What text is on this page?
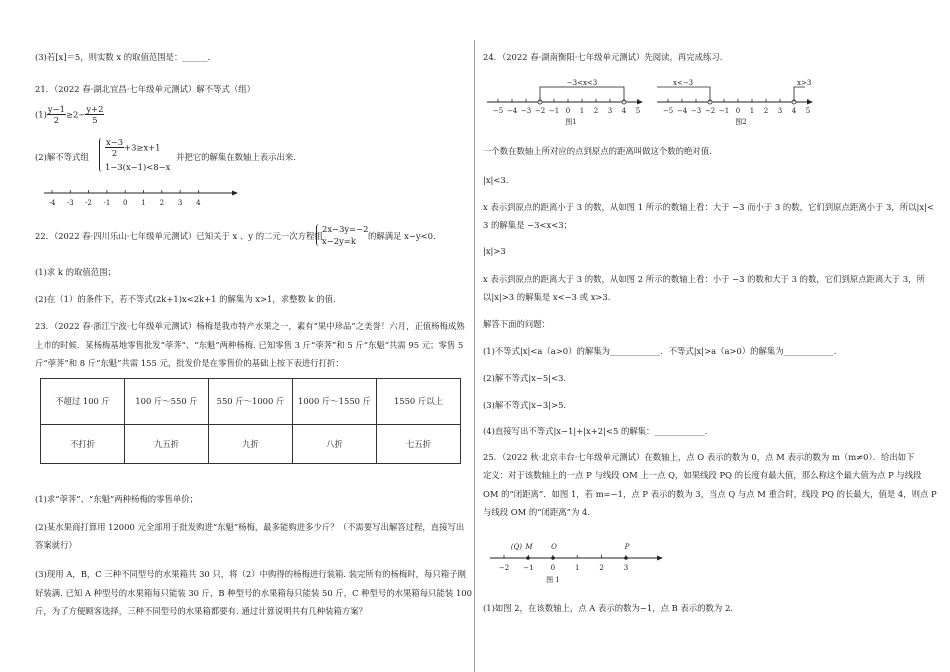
(3)若[x]＝5，则实数 x 的取值范围是：______.
21．（2022 春·湖北宜昌·七年级单元测试）解不等式（组）
$(1) \frac{y-1}{2} \ge 2- \frac{y+2}{5}$
(2)解不等式组 $\frac{x-3}{2} +3\ge x+1$
1−3(x−1)<8−x
并把它的解集在数轴上表示出来.
-4 -3 -2 -1 0 1 2 3 4
22．（2022 春·四川乐山·七年级单元测试）已知关于 x 、y 的二元一次方程组
2x−3y=−2
x−2y=k 的解满足 x−y<0.
(1)求 k 的取值范围；
(2)在（1）的条件下，若不等式(2k+1)x<2k+1 的解集为 x>1，求整数 k 的值.
23．（2022 春·浙江宁波·七年级单元测试）杨梅是我市特产水果之一，素有“果中珍品”之美誉！六月，正值杨梅成熟
上市的时候．某杨梅基地零售批发“荸荠”、“东魁”两种杨梅. 已知零售 3 斤“荸荠”和 5 斤“东魁”共需 95 元；零售 5
斤“荸荠”和 8 斤“东魁”共需 155 元，批发价是在零售价的基础上按下表进行打折：
不超过 100 斤	100 斤～550 斤	550 斤～1000 斤	1000 斤～1550 斤	1550 斤以上
不打折	九五折	九折	八折	七五折
(1)求“荸荠”、“东魁”两种杨梅的零售单价；
(2)某水果商打算用 12000 元全部用于批发购进“东魁”杨梅，最多能购进多少斤？（不需要写出解答过程，直接写出
答案就行）
(3)现用 A，B，C 三种不同型号的水果箱共 30 只，将（2）中购得的杨梅进行装箱. 装完所有的杨梅时，每只箱子刚
好装满. 已知 A 种型号的水果箱每只能装 30 斤，B 种型号的水果箱每只能装 50 斤，C 种型号的水果箱每只能装 100
斤，为了方便顾客选择，三种不同型号的水果箱都要有. 通过计算说明共有几种装箱方案？
24．（2022 春·湖南衡阳·七年级单元测试）先阅读，再完成练习.
−3<x<3
−5 −4 −3 −2 −1 0 1 2 3 4 5
图1
x<−3	x>3
−5 −4 −3 −2 −1 0 1 2 3 4 5
图2
一个数在数轴上所对应的点到原点的距离叫做这个数的绝对值.
|x|<3.
x 表示到原点的距离小于 3 的数，从如图 1 所示的数轴上看：大于 −3 而小于 3 的数，它们到原点距离小于 3，所以|x|<
3 的解集是 −3<x<3；
|x|>3
x 表示到原点的距离大于 3 的数，从如图 2 所示的数轴上看：小于 −3 的数和大于 3 的数，它们到原点距离大于 3，所
以|x|>3 的解集是 x<−3 或 x>3.
解答下面的问题：
(1)不等式|x|<a（a>0）的解集为____________．不等式|x|>a（a>0）的解集为____________.
(2)解不等式|x−5|<3.
(3)解不等式|x−3|>5.
(4)直接写出不等式|x−1|+|x+2|<5 的解集：____________.
25．（2022 秋·北京丰台·七年级单元测试）在数轴上，点 O 表示的数为 0，点 M 表示的数为 m（m≠0）．给出如下
定义：对于该数轴上的一点 P 与线段 OM 上一点 Q，如果线段 PQ 的长度有最大值，那么称这个最大值为点 P 与线段
OM 的“闭距离”．如图 1，若 m=−1，点 P 表示的数为 3，当点 Q 与点 M 重合时，线段 PQ 的长最大，值是 4，则点 P
与线段 OM 的“闭距离”为 4.
−2 −1 0	1	2	3
(Q) M	O	P
图 1
(1)如图 2，在该数轴上，点 A 表示的数为−1，点 B 表示的数为 2.
